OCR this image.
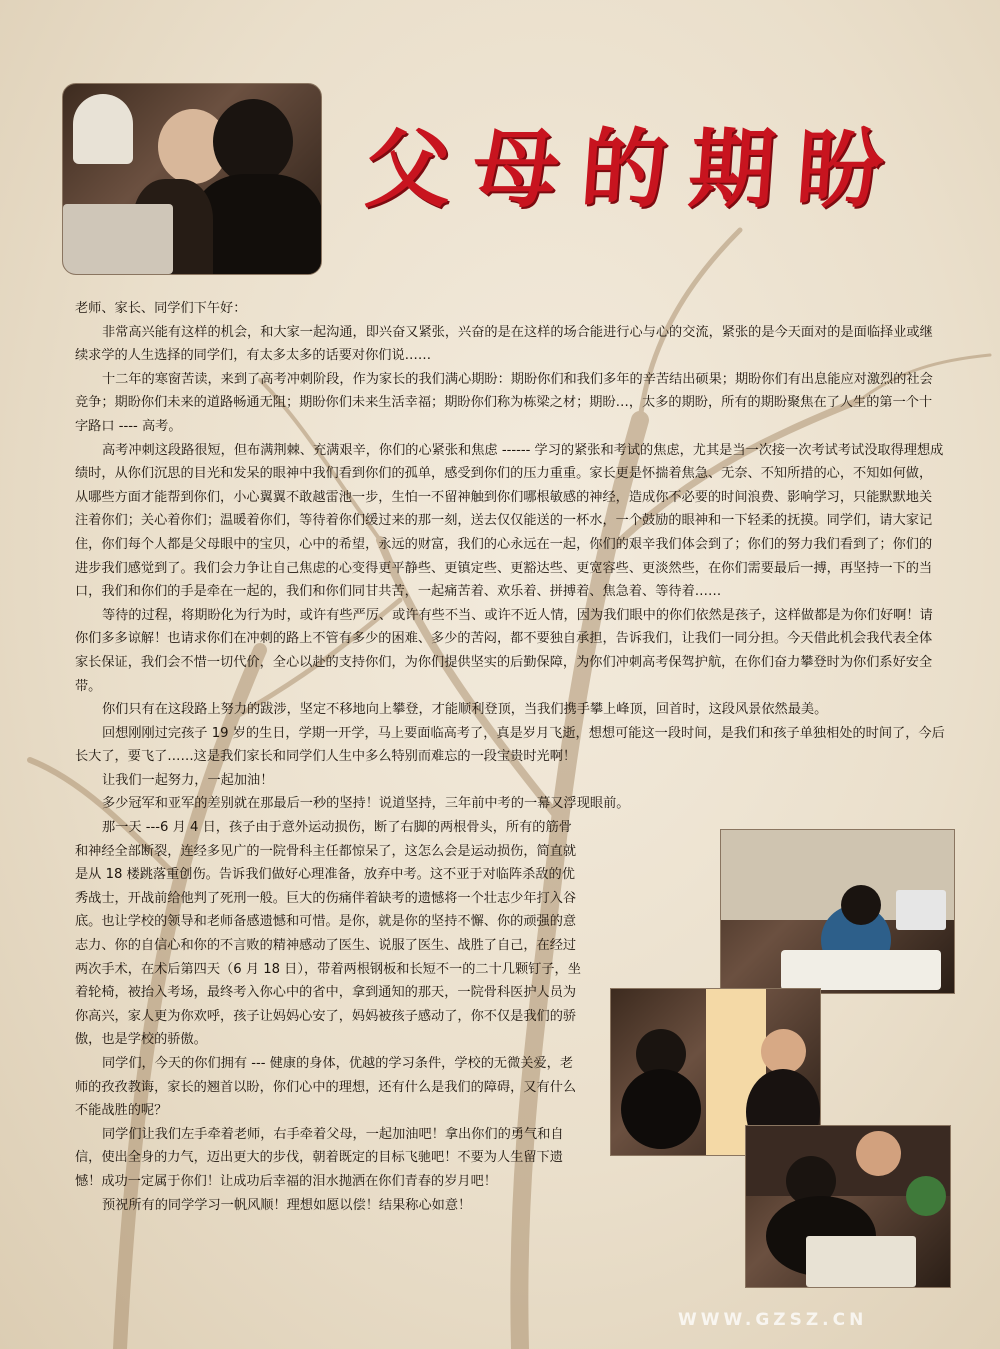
父母的期盼

老师、家长、同学们下午好：

非常高兴能有这样的机会，和大家一起沟通，即兴奋又紧张，兴奋的是在这样的场合能进行心与心的交流，紧张的是今天面对的是面临择业或继续求学的人生选择的同学们，有太多太多的话要对你们说……

十二年的寒窗苦读，来到了高考冲刺阶段，作为家长的我们满心期盼：期盼你们和我们多年的辛苦结出硕果；期盼你们有出息能应对激烈的社会竞争；期盼你们未来的道路畅通无阻；期盼你们未来生活幸福；期盼你们称为栋梁之材；期盼…，太多的期盼，所有的期盼聚焦在了人生的第一个十字路口 ---- 高考。

高考冲刺这段路很短，但布满荆棘、充满艰辛，你们的心紧张和焦虑 ------ 学习的紧张和考试的焦虑，尤其是当一次接一次考试考试没取得理想成绩时，从你们沉思的目光和发呆的眼神中我们看到你们的孤单，感受到你们的压力重重。家长更是怀揣着焦急、无奈、不知所措的心，不知如何做，从哪些方面才能帮到你们，小心翼翼不敢越雷池一步，生怕一不留神触到你们哪根敏感的神经，造成你不必要的时间浪费、影响学习，只能默默地关注着你们；关心着你们；温暖着你们，等待着你们缓过来的那一刻，送去仅仅能送的一杯水，一个鼓励的眼神和一下轻柔的抚摸。同学们，请大家记住，你们每个人都是父母眼中的宝贝，心中的希望，永远的财富，我们的心永远在一起，你们的艰辛我们体会到了；你们的努力我们看到了；你们的进步我们感觉到了。我们会力争让自己焦虑的心变得更平静些、更镇定些、更豁达些、更宽容些、更淡然些，在你们需要最后一搏，再坚持一下的当口，我们和你们的手是牵在一起的，我们和你们同甘共苦，一起痛苦着、欢乐着、拼搏着、焦急着、等待着……

等待的过程，将期盼化为行为时，或许有些严厉、或许有些不当、或许不近人情，因为我们眼中的你们依然是孩子，这样做都是为你们好啊！请你们多多谅解！也请求你们在冲刺的路上不管有多少的困难、多少的苦闷，都不要独自承担，告诉我们，让我们一同分担。今天借此机会我代表全体家长保证，我们会不惜一切代价，全心以赴的支持你们，为你们提供坚实的后勤保障，为你们冲刺高考保驾护航，在你们奋力攀登时为你们系好安全带。

你们只有在这段路上努力的跋涉，坚定不移地向上攀登，才能顺利登顶，当我们携手攀上峰顶，回首时，这段风景依然最美。

回想刚刚过完孩子 19 岁的生日，学期一开学，马上要面临高考了，真是岁月飞逝，想想可能这一段时间，是我们和孩子单独相处的时间了，今后长大了，要飞了……这是我们家长和同学们人生中多么特别而难忘的一段宝贵时光啊！

让我们一起努力，一起加油！

多少冠军和亚军的差别就在那最后一秒的坚持！说道坚持，三年前中考的一幕又浮现眼前。

那一天 ---6 月 4 日，孩子由于意外运动损伤，断了右脚的两根骨头，所有的筋骨和神经全部断裂，连经多见广的一院骨科主任都惊呆了，这怎么会是运动损伤，简直就是从 18 楼跳落重创伤。告诉我们做好心理准备，放弃中考。这不亚于对临阵杀敌的优秀战士，开战前给他判了死刑一般。巨大的伤痛伴着缺考的遗憾将一个壮志少年打入谷底。也让学校的领导和老师备感遗憾和可惜。是你，就是你的坚持不懈、你的顽强的意志力、你的自信心和你的不言败的精神感动了医生、说服了医生、战胜了自己，在经过两次手术，在术后第四天（6 月 18 日），带着两根钢板和长短不一的二十几颗钉子，坐着轮椅，被抬入考场，最终考入你心中的省中，拿到通知的那天，一院骨科医护人员为你高兴，家人更为你欢呼，孩子让妈妈心安了，妈妈被孩子感动了，你不仅是我们的骄傲，也是学校的骄傲。

同学们，今天的你们拥有 --- 健康的身体，优越的学习条件，学校的无微关爱，老师的孜孜教诲，家长的翘首以盼，你们心中的理想，还有什么是我们的障碍，又有什么不能战胜的呢？

同学们让我们左手牵着老师，右手牵着父母，一起加油吧！拿出你们的勇气和自信，使出全身的力气，迈出更大的步伐，朝着既定的目标飞驰吧！不要为人生留下遗憾！成功一定属于你们！让成功后幸福的泪水抛洒在你们青春的岁月吧！

预祝所有的同学学习一帆风顺！理想如愿以偿！结果称心如意！

WWW.GZSZ.CN
